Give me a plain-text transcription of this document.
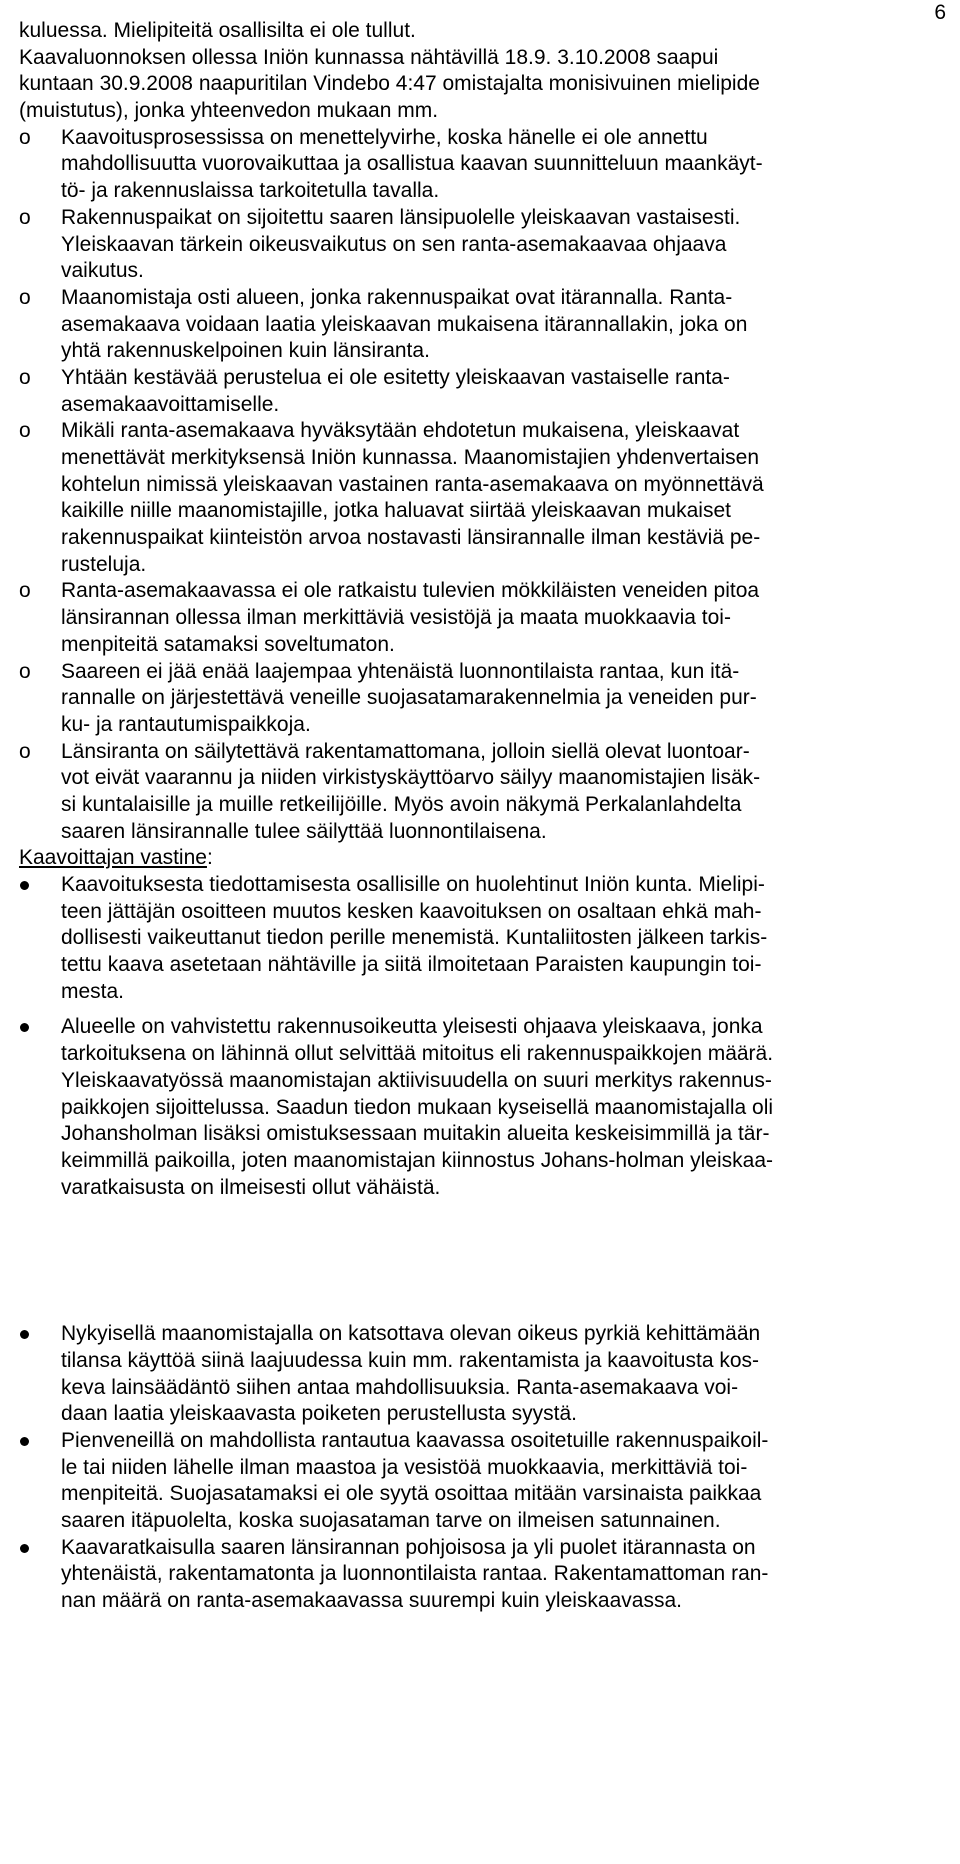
6
kuluessa. Mielipiteitä osallisilta ei ole tullut.
Kaavaluonnoksen ollessa Iniön kunnassa nähtävillä 18.9. 3.10.2008 saapui
kuntaan 30.9.2008 naapuritilan Vindebo 4:47 omistajalta monisivuinen mielipide
(muistutus), jonka yhteenvedon mukaan mm.
o	Kaavoitusprosessissa on menettelyvirhe, koska hänelle ei ole annettu
mahdollisuutta vuorovaikuttaa ja osallistua kaavan suunnitteluun maankäyt-
tö- ja rakennuslaissa tarkoitetulla tavalla.
o	Rakennuspaikat on sijoitettu saaren länsipuolelle yleiskaavan vastaisesti.
Yleiskaavan tärkein oikeusvaikutus on sen ranta-asemakaavaa ohjaava
vaikutus.
o	Maanomistaja osti alueen, jonka rakennuspaikat ovat itärannalla. Ranta-
asemakaava voidaan laatia yleiskaavan mukaisena itärannallakin, joka on
yhtä rakennuskelpoinen kuin länsiranta.
o	Yhtään kestävää perustelua ei ole esitetty yleiskaavan vastaiselle ranta-
asemakaavoittamiselle.
o	Mikäli ranta-asemakaava hyväksytään ehdotetun mukaisena, yleiskaavat
menettävät merkityksensä Iniön kunnassa. Maanomistajien yhdenvertaisen
kohtelun nimissä yleiskaavan vastainen ranta-asemakaava on myönnettävä
kaikille niille maanomistajille, jotka haluavat siirtää yleiskaavan mukaiset
rakennuspaikat kiinteistön arvoa nostavasti länsirannalle ilman kestäviä pe-
rusteluja.
o	Ranta-asemakaavassa ei ole ratkaistu tulevien mökkiläisten veneiden pitoa
länsirannan ollessa ilman merkittäviä vesistöjä ja maata muokkaavia toi-
menpiteitä satamaksi soveltumaton.
o	Saareen ei jää enää laajempaa yhtenäistä luonnontilaista rantaa, kun itä-
rannalle on järjestettävä veneille suojasatamarakennelmia ja veneiden pur-
ku- ja rantautumispaikkoja.
o	Länsiranta on säilytettävä rakentamattomana, jolloin siellä olevat luontoar-
vot eivät vaarannu ja niiden virkistyskäyttöarvo säilyy maanomistajien lisäk-
si kuntalaisille ja muille retkeilijöille. Myös avoin näkymä Perkalanlahdelta
saaren länsirannalle tulee säilyttää luonnontilaisena.
Kaavoittajan vastine:
Kaavoituksesta tiedottamisesta osallisille on huolehtinut Iniön kunta. Mielipi-
teen jättäjän osoitteen muutos kesken kaavoituksen on osaltaan ehkä mah-
dollisesti vaikeuttanut tiedon perille menemistä. Kuntaliitosten jälkeen tarkis-
tettu kaava asetetaan nähtäville ja siitä ilmoitetaan Paraisten kaupungin toi-
mesta.
Alueelle on vahvistettu rakennusoikeutta yleisesti ohjaava yleiskaava, jonka
tarkoituksena on lähinnä ollut selvittää mitoitus eli rakennuspaikkojen määrä.
Yleiskaavatyössä maanomistajan aktiivisuudella on suuri merkitys rakennus-
paikkojen sijoittelussa. Saadun tiedon mukaan kyseisellä maanomistajalla oli
Johansholman lisäksi omistuksessaan muitakin alueita keskeisimmillä ja tär-
keimmillä paikoilla, joten maanomistajan kiinnostus Johans-holman yleiskaa-
varatkaisusta on ilmeisesti ollut vähäistä.
Nykyisellä maanomistajalla on katsottava olevan oikeus pyrkiä kehittämään
tilansa käyttöä siinä laajuudessa kuin mm. rakentamista ja kaavoitusta kos-
keva lainsäädäntö siihen antaa mahdollisuuksia. Ranta-asemakaava voi-
daan laatia yleiskaavasta poiketen perustellusta syystä.
Pienveneillä on mahdollista rantautua kaavassa osoitetuille rakennuspaikoil-
le tai niiden lähelle ilman maastoa ja vesistöä muokkaavia, merkittäviä toi-
menpiteitä. Suojasatamaksi ei ole syytä osoittaa mitään varsinaista paikkaa
saaren itäpuolelta, koska suojasataman tarve on ilmeisen satunnainen.
Kaavaratkaisulla saaren länsirannan pohjoisosa ja yli puolet itärannasta on
yhtenäistä, rakentamatonta ja luonnontilaista rantaa. Rakentamattoman ran-
nan määrä on ranta-asemakaavassa suurempi kuin yleiskaavassa.
